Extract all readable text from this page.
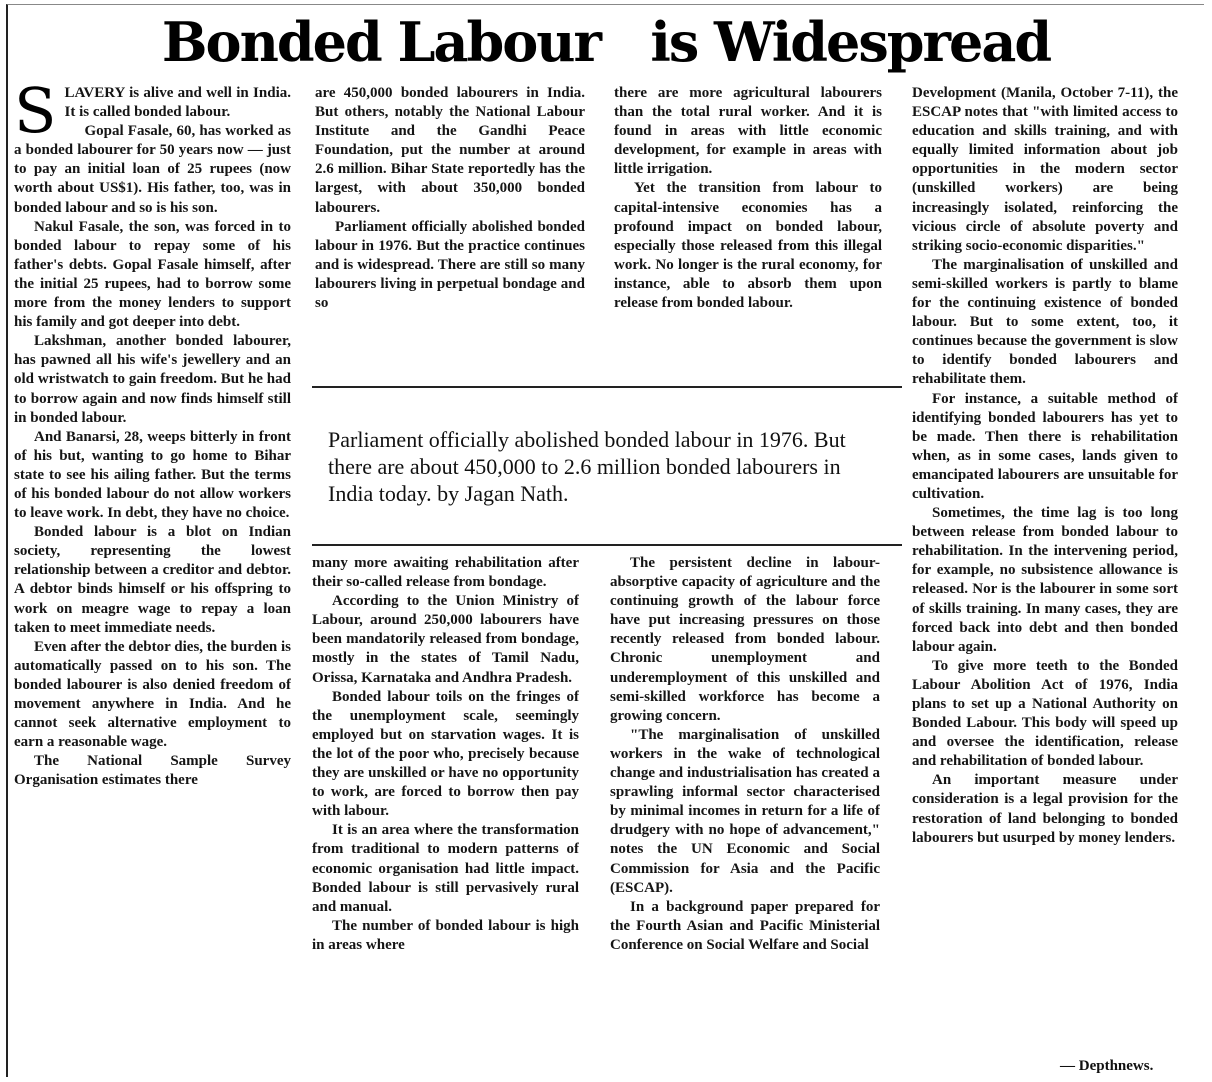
Bonded Labour   is Widespread
S LAVERY is alive and well in India. It is called bonded labour.

Gopal Fasale, 60, has worked as a bonded labourer for 50 years now — just to pay an initial loan of 25 rupees (now worth about US$1). His father, too, was in bonded labour and so is his son.

Nakul Fasale, the son, was forced in to bonded labour to repay some of his father's debts. Gopal Fasale himself, after the initial 25 rupees, had to borrow some more from the money lenders to support his family and got deeper into debt.

Lakshman, another bonded labourer, has pawned all his wife's jewellery and an old wristwatch to gain freedom. But he had to borrow again and now finds himself still in bonded labour.

And Banarsi, 28, weeps bitterly in front of his but, wanting to go home to Bihar state to see his ailing father. But the terms of his bonded labour do not allow workers to leave work. In debt, they have no choice.

Bonded labour is a blot on Indian society, representing the lowest relationship between a creditor and debtor. A debtor binds himself or his offspring to work on meagre wage to repay a loan taken to meet immediate needs.

Even after the debtor dies, the burden is automatically passed on to his son. The bonded labourer is also denied freedom of movement anywhere in India. And he cannot seek alternative employment to earn a reasonable wage.

The National Sample Survey Organisation estimates there

are 450,000 bonded labourers in India. But others, notably the National Labour Institute and the Gandhi Peace Foundation, put the number at around 2.6 million. Bihar State reportedly has the largest, with about 350,000 bonded labourers.

Parliament officially abolished bonded labour in 1976. But the practice continues and is widespread. There are still so many labourers living in perpetual bondage and so

there are more agricultural labourers than the total rural worker. And it is found in areas with little economic development, for example in areas with little irrigation.

Yet the transition from labour to capital-intensive economies has a profound impact on bonded labour, especially those released from this illegal work. No longer is the rural economy, for instance, able to absorb them upon release from bonded labour.

Parliament officially abolished bonded labour in 1976. But there are about 450,000 to 2.6 million bonded labourers in India today. by Jagan Nath.

many more awaiting rehabilitation after their so-called release from bondage.

According to the Union Ministry of Labour, around 250,000 labourers have been mandatorily released from bondage, mostly in the states of Tamil Nadu, Orissa, Karnataka and Andhra Pradesh.

Bonded labour toils on the fringes of the unemployment scale, seemingly employed but on starvation wages. It is the lot of the poor who, precisely because they are unskilled or have no opportunity to work, are forced to borrow then pay with labour.

It is an area where the transformation from traditional to modern patterns of economic organisation had little impact. Bonded labour is still pervasively rural and manual.

The number of bonded labour is high in areas where

The persistent decline in labour-absorptive capacity of agriculture and the continuing growth of the labour force have put increasing pressures on those recently released from bonded labour. Chronic unemployment and underemployment of this unskilled and semi-skilled workforce has become a growing concern.

"The marginalisation of unskilled workers in the wake of technological change and industrialisation has created a sprawling informal sector characterised by minimal incomes in return for a life of drudgery with no hope of advancement," notes the UN Economic and Social Commission for Asia and the Pacific (ESCAP).

In a background paper prepared for the Fourth Asian and Pacific Ministerial Conference on Social Welfare and Social

Development (Manila, October 7-11), the ESCAP notes that "with limited access to education and skills training, and with equally limited information about job opportunities in the modern sector (unskilled workers) are being increasingly isolated, reinforcing the vicious circle of absolute poverty and striking socio-economic disparities."

The marginalisation of unskilled and semi-skilled workers is partly to blame for the continuing existence of bonded labour. But to some extent, too, it continues because the government is slow to identify bonded labourers and rehabilitate them.

For instance, a suitable method of identifying bonded labourers has yet to be made. Then there is rehabilitation when, as in some cases, lands given to emancipated labourers are unsuitable for cultivation.

Sometimes, the time lag is too long between release from bonded labour to rehabilitation. In the intervening period, for example, no subsistence allowance is released. Nor is the labourer in some sort of skills training. In many cases, they are forced back into debt and then bonded labour again.

To give more teeth to the Bonded Labour Abolition Act of 1976, India plans to set up a National Authority on Bonded Labour. This body will speed up and oversee the identification, release and rehabilitation of bonded labour.

An important measure under consideration is a legal provision for the restoration of land belonging to bonded labourers but usurped by money lenders.

— Depthnews.
